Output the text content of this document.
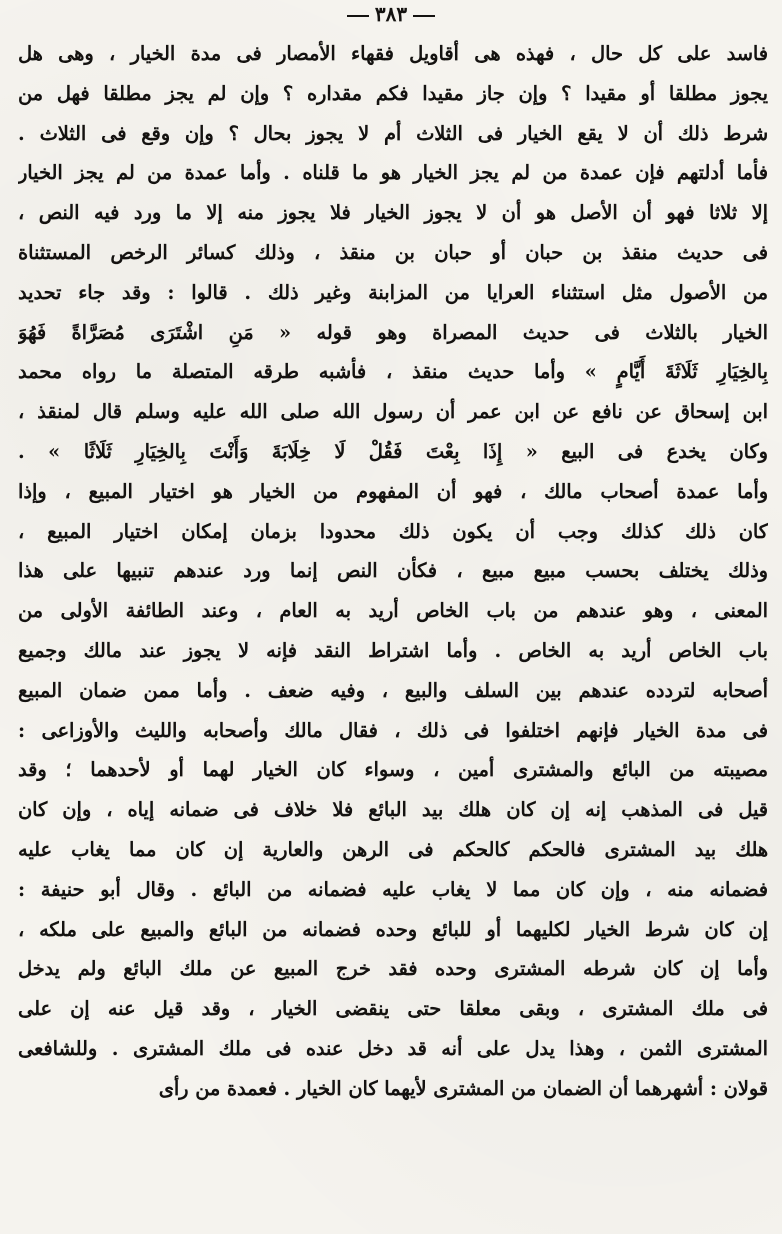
٣٨٣
فاسد على كل حال ، فهذه هى أقاويل فقهاء الأمصار فى مدة الخيار ، وهى هل
يجوز مطلقا أو مقيدا ؟ وإن جاز مقيدا فكم مقداره ؟ وإن لم يجز مطلقا فهل من
شرط ذلك أن لا يقع الخيار فى الثلاث أم لا يجوز بحال ؟ وإن وقع فى الثلاث .
فأما أدلتهم فإن عمدة من لم يجز الخيار هو ما قلناه . وأما عمدة من لم يجز الخيار
إلا ثلاثا فهو أن الأصل هو أن لا يجوز الخيار فلا يجوز منه إلا ما ورد فيه النص ،
فى حديث منقذ بن حبان أو حبان بن منقذ ، وذلك كسائر الرخص المستثناة
من الأصول مثل استثناء العرايا من المزابنة وغير ذلك . قالوا : وقد جاء تحديد
الخيار بالثلاث فى حديث المصراة وهو قوله « مَنِ اشْتَرَى مُصَرَّاةً فَهُوَ
بِالخِيَارِ ثَلَاثَةَ أَيَّامٍ » وأما حديث منقذ ، فأشبه طرقه المتصلة ما رواه محمد
ابن إسحاق عن نافع عن ابن عمر أن رسول الله صلى الله عليه وسلم قال لمنقذ ،
وكان يخدع فى البيع « إِذَا بِعْتَ فَقُلْ لَا خِلَابَةَ وَأَنْتَ بِالخِيَارِ ثَلَاثًا » .
وأما عمدة أصحاب مالك ، فهو أن المفهوم من الخيار هو اختيار المبيع ، وإذا
كان ذلك كذلك وجب أن يكون ذلك محدودا بزمان إمكان اختيار المبيع ،
وذلك يختلف بحسب مبيع مبيع ، فكأن النص إنما ورد عندهم تنبيها على هذا
المعنى ، وهو عندهم من باب الخاص أريد به العام ، وعند الطائفة الأولى من
باب الخاص أريد به الخاص . وأما اشتراط النقد فإنه لا يجوز عند مالك وجميع
أصحابه لتردده عندهم بين السلف والبيع ، وفيه ضعف . وأما ممن ضمان المبيع
فى مدة الخيار فإنهم اختلفوا فى ذلك ، فقال مالك وأصحابه والليث والأوزاعى :
مصيبته من البائع والمشترى أمين ، وسواء كان الخيار لهما أو لأحدهما ؛ وقد
قيل فى المذهب إنه إن كان هلك بيد البائع فلا خلاف فى ضمانه إياه ، وإن كان
هلك بيد المشترى فالحكم كالحكم فى الرهن والعارية إن كان مما يغاب عليه
فضمانه منه ، وإن كان مما لا يغاب عليه فضمانه من البائع . وقال أبو حنيفة :
إن كان شرط الخيار لكليهما أو للبائع وحده فضمانه من البائع والمبيع على ملكه ،
وأما إن كان شرطه المشترى وحده فقد خرج المبيع عن ملك البائع ولم يدخل
فى ملك المشترى ، وبقى معلقا حتى ينقضى الخيار ، وقد قيل عنه إن على
المشترى الثمن ، وهذا يدل على أنه قد دخل عنده فى ملك المشترى . وللشافعى
قولان : أشهرهما أن الضمان من المشترى لأيهما كان الخيار . فعمدة من رأى
